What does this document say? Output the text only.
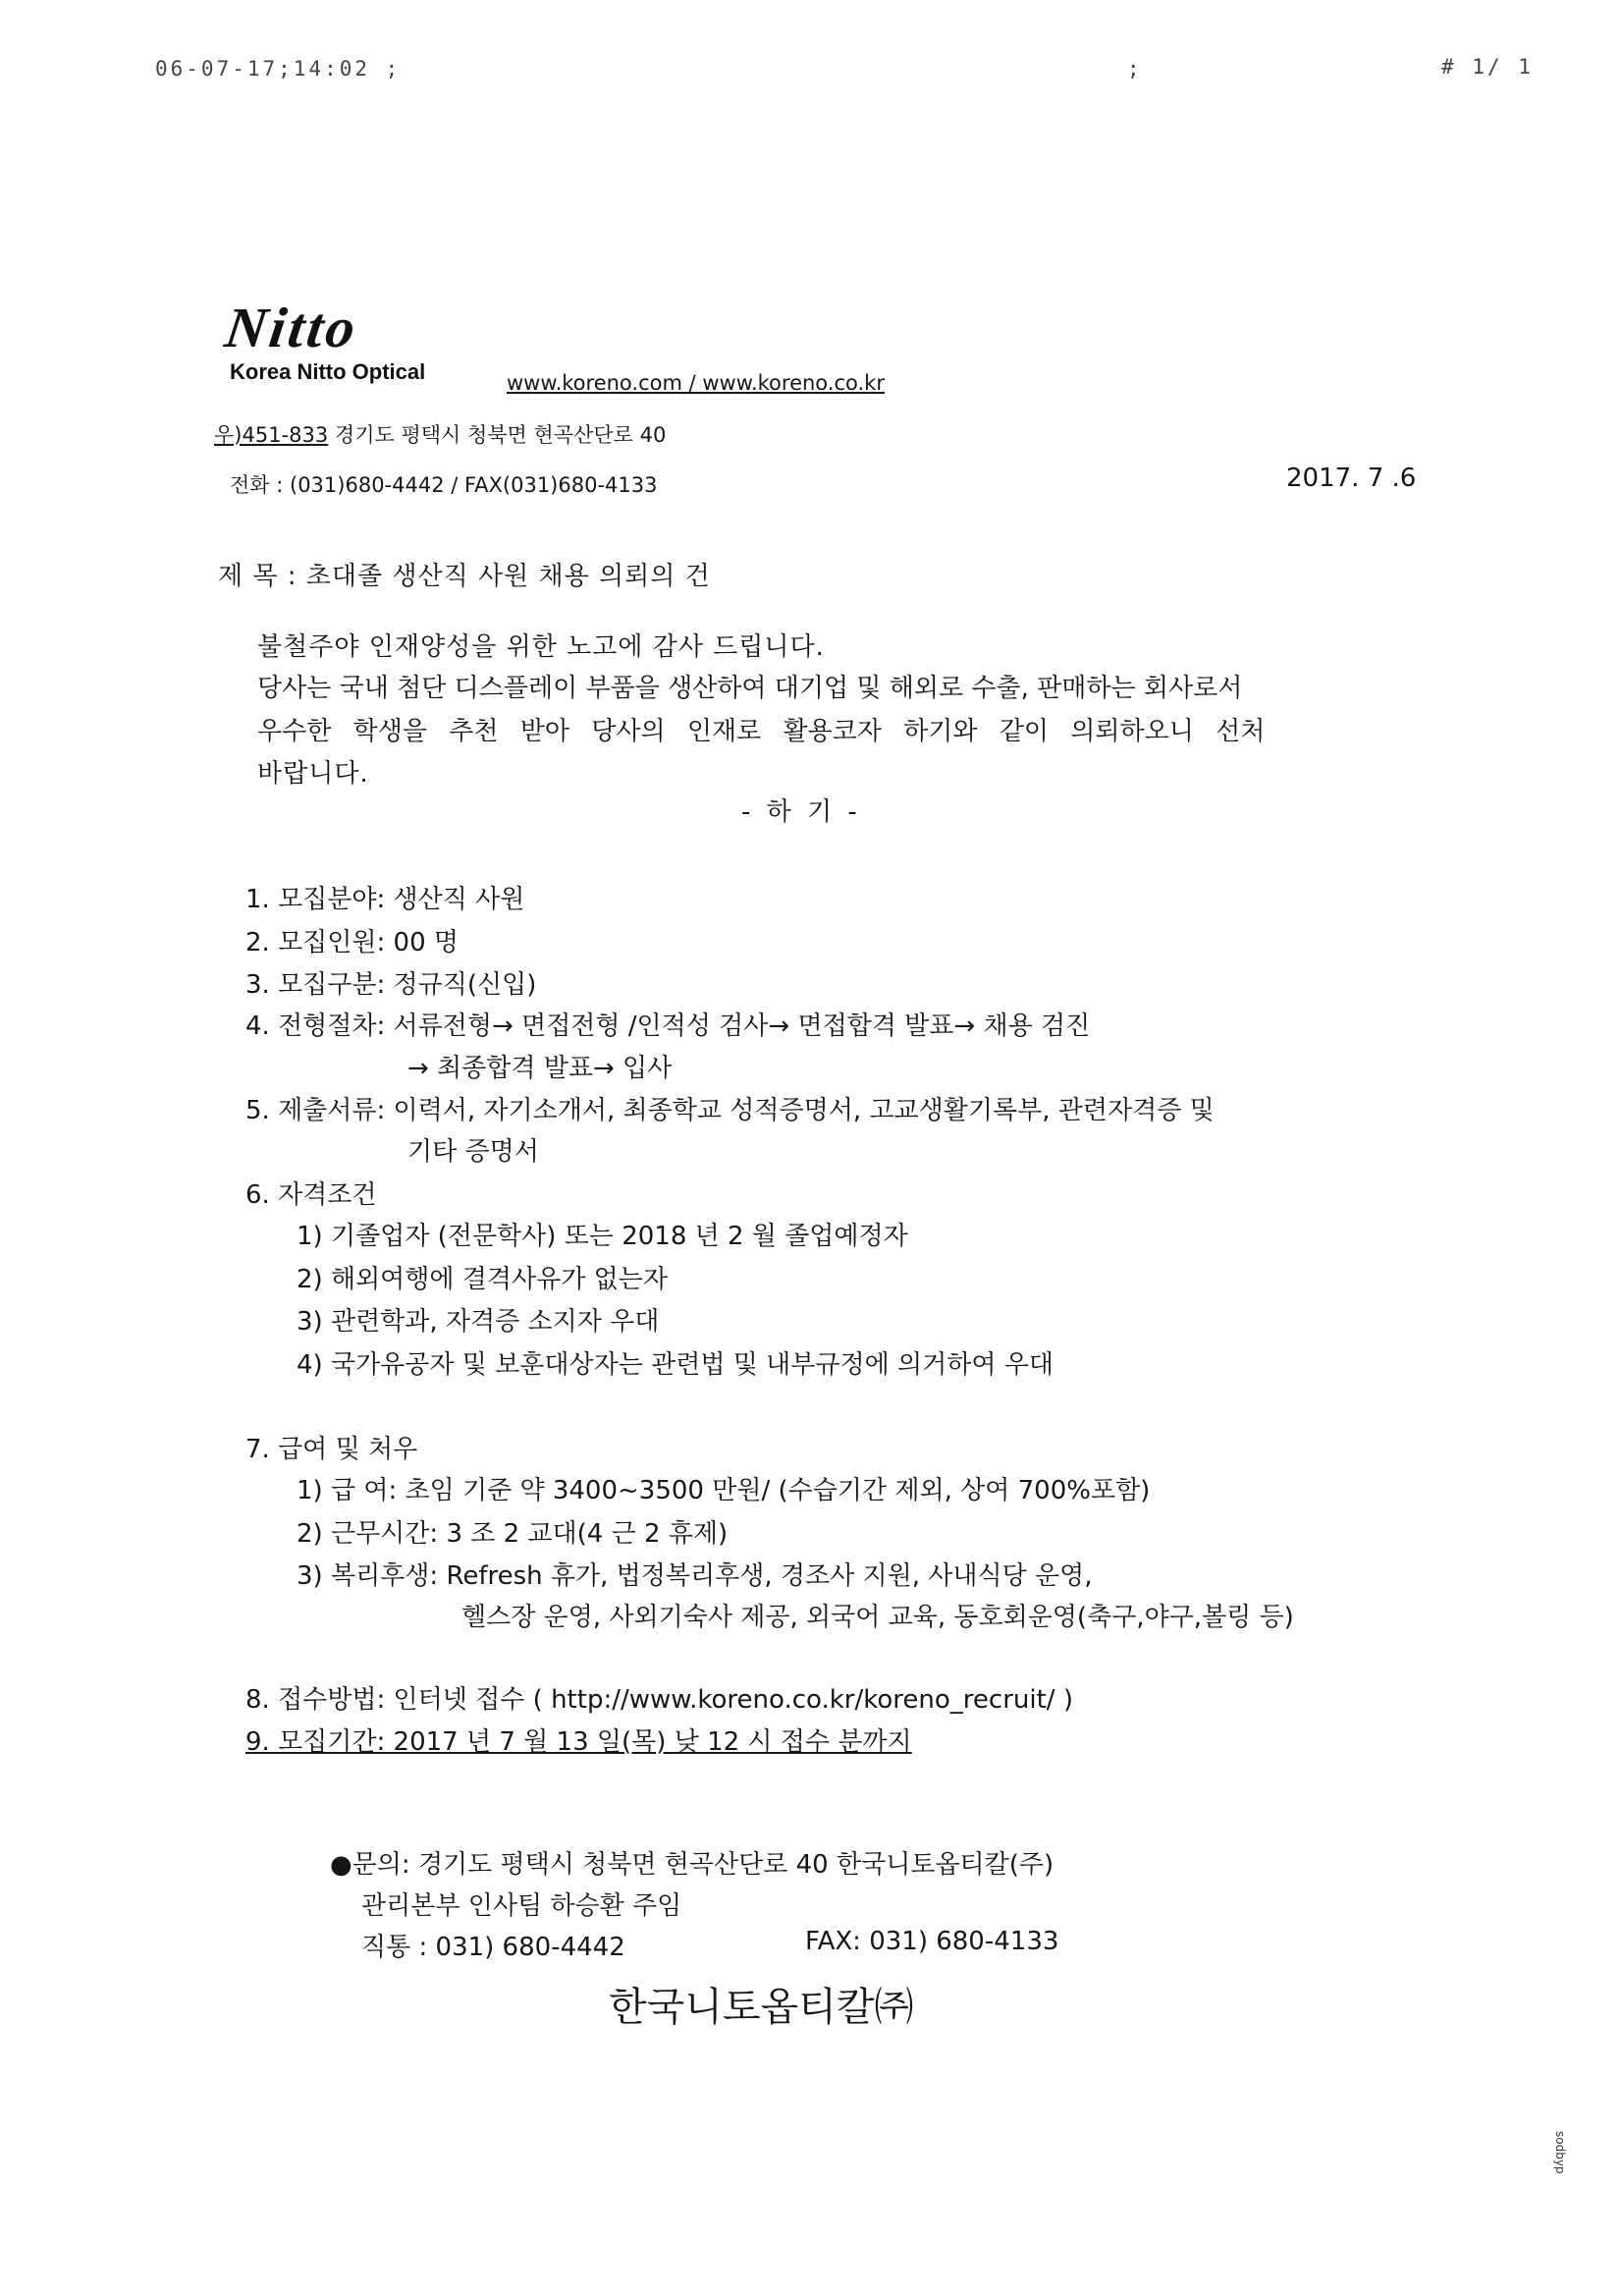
06-07-17;14:02 ;	;	# 1/ 1
Nitto
Korea Nitto Optical	www.koreno.com / www.koreno.co.kr
우)451-833 경기도 평택시 청북면 현곡산단로 40
전화 : (031)680-4442 / FAX(031)680-4133	2017. 7 .6
제 목 : 초대졸 생산직 사원 채용 의뢰의 건
불철주야 인재양성을 위한 노고에 감사 드립니다.
당사는 국내 첨단 디스플레이 부품을 생산하여 대기업 및 해외로 수출, 판매하는 회사로서
우수한 학생을 추천 받아 당사의 인재로 활용코자 하기와 같이 의뢰하오니 선처
바랍니다.
- 하 기 -
1. 모집분야: 생산직 사원
2. 모집인원: 00 명
3. 모집구분: 정규직(신입)
4. 전형절차: 서류전형→ 면접전형 /인적성 검사→ 면접합격 발표→ 채용 검진
→ 최종합격 발표→ 입사
5. 제출서류: 이력서, 자기소개서, 최종학교 성적증명서, 고교생활기록부, 관련자격증 및
기타 증명서
6. 자격조건
1) 기졸업자 (전문학사) 또는 2018 년 2 월 졸업예정자
2) 해외여행에 결격사유가 없는자
3) 관련학과, 자격증 소지자 우대
4) 국가유공자 및 보훈대상자는 관련법 및 내부규정에 의거하여 우대
7. 급여 및 처우
1) 급 여: 초임 기준 약 3400~3500 만원/ (수습기간 제외, 상여 700%포함)
2) 근무시간: 3 조 2 교대(4 근 2 휴제)
3) 복리후생: Refresh 휴가, 법정복리후생, 경조사 지원, 사내식당 운영,
헬스장 운영, 사외기숙사 제공, 외국어 교육, 동호회운영(축구,야구,볼링 등)
8. 접수방법: 인터넷 접수 ( http://www.koreno.co.kr/koreno_recruit/ )
9. 모집기간: 2017 년 7 월 13 일(목) 낮 12 시 접수 분까지
●문의: 경기도 평택시 청북면 현곡산단로 40 한국니토옵티칼(주)
관리본부 인사팀 하승환 주임
직통 : 031) 680-4442	FAX: 031) 680-4133
한국니토옵티칼㈜
sodbyp
